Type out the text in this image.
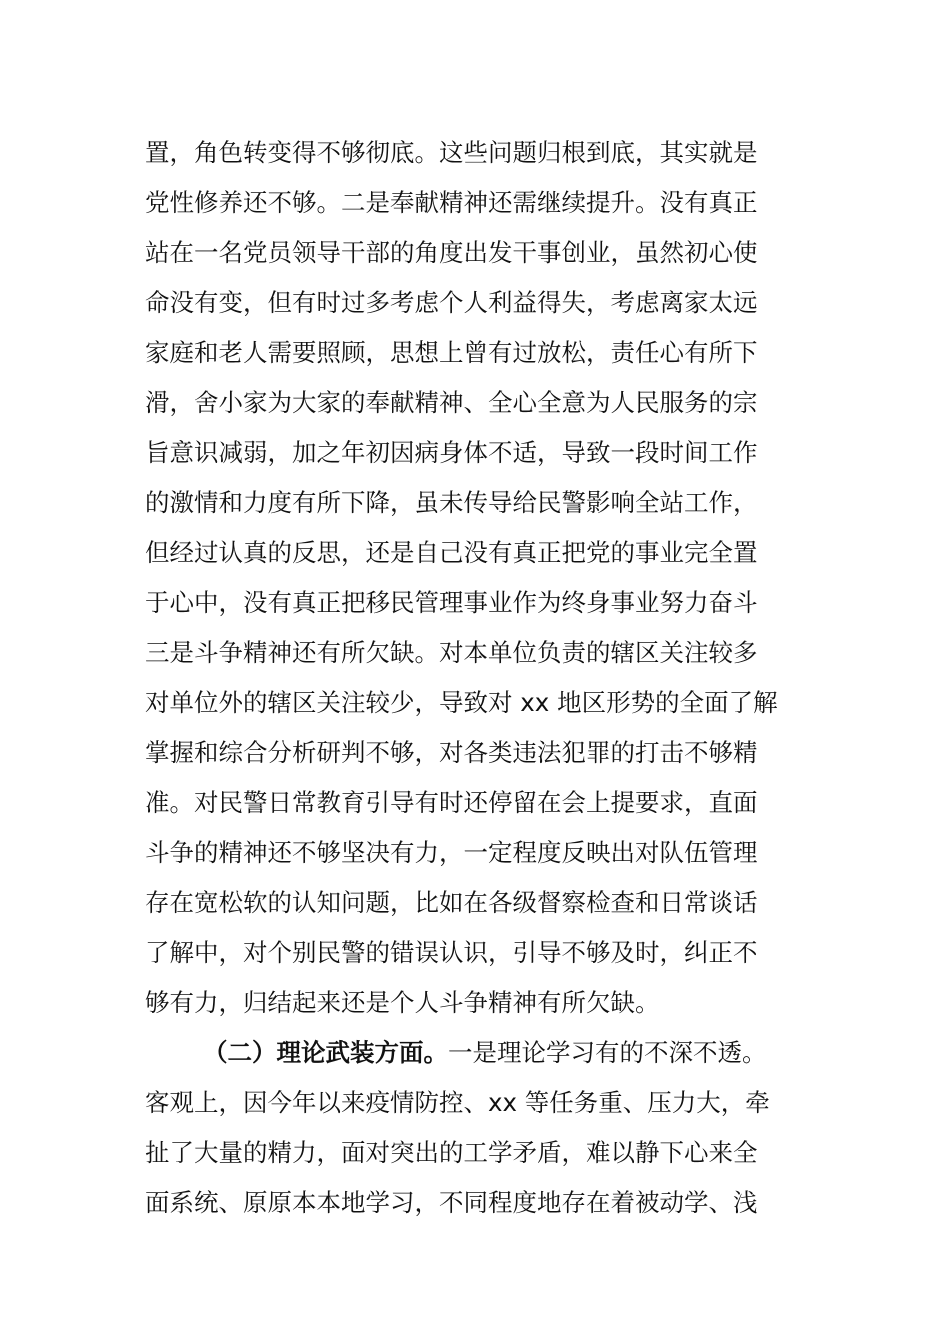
置，角色转变得不够彻底。这些问题归根到底，其实就是
党性修养还不够。二是奉献精神还需继续提升。没有真正
站在一名党员领导干部的角度出发干事创业，虽然初心使
命没有变，但有时过多考虑个人利益得失，考虑离家太远
家庭和老人需要照顾，思想上曾有过放松，责任心有所下
滑，舍小家为大家的奉献精神、全心全意为人民服务的宗
旨意识减弱，加之年初因病身体不适，导致一段时间工作
的激情和力度有所下降，虽未传导给民警影响全站工作，
但经过认真的反思，还是自己没有真正把党的事业完全置
于心中，没有真正把移民管理事业作为终身事业努力奋斗
三是斗争精神还有所欠缺。对本单位负责的辖区关注较多
对单位外的辖区关注较少，导致对 xx 地区形势的全面了解
掌握和综合分析研判不够，对各类违法犯罪的打击不够精
准。对民警日常教育引导有时还停留在会上提要求，直面
斗争的精神还不够坚决有力，一定程度反映出对队伍管理
存在宽松软的认知问题，比如在各级督察检查和日常谈话
了解中，对个别民警的错误认识，引导不够及时，纠正不
够有力，归结起来还是个人斗争精神有所欠缺。
（二）理论武装方面。一是理论学习有的不深不透。
客观上，因今年以来疫情防控、xx 等任务重、压力大，牵
扯了大量的精力，面对突出的工学矛盾，难以静下心来全
面系统、原原本本地学习，不同程度地存在着被动学、浅
